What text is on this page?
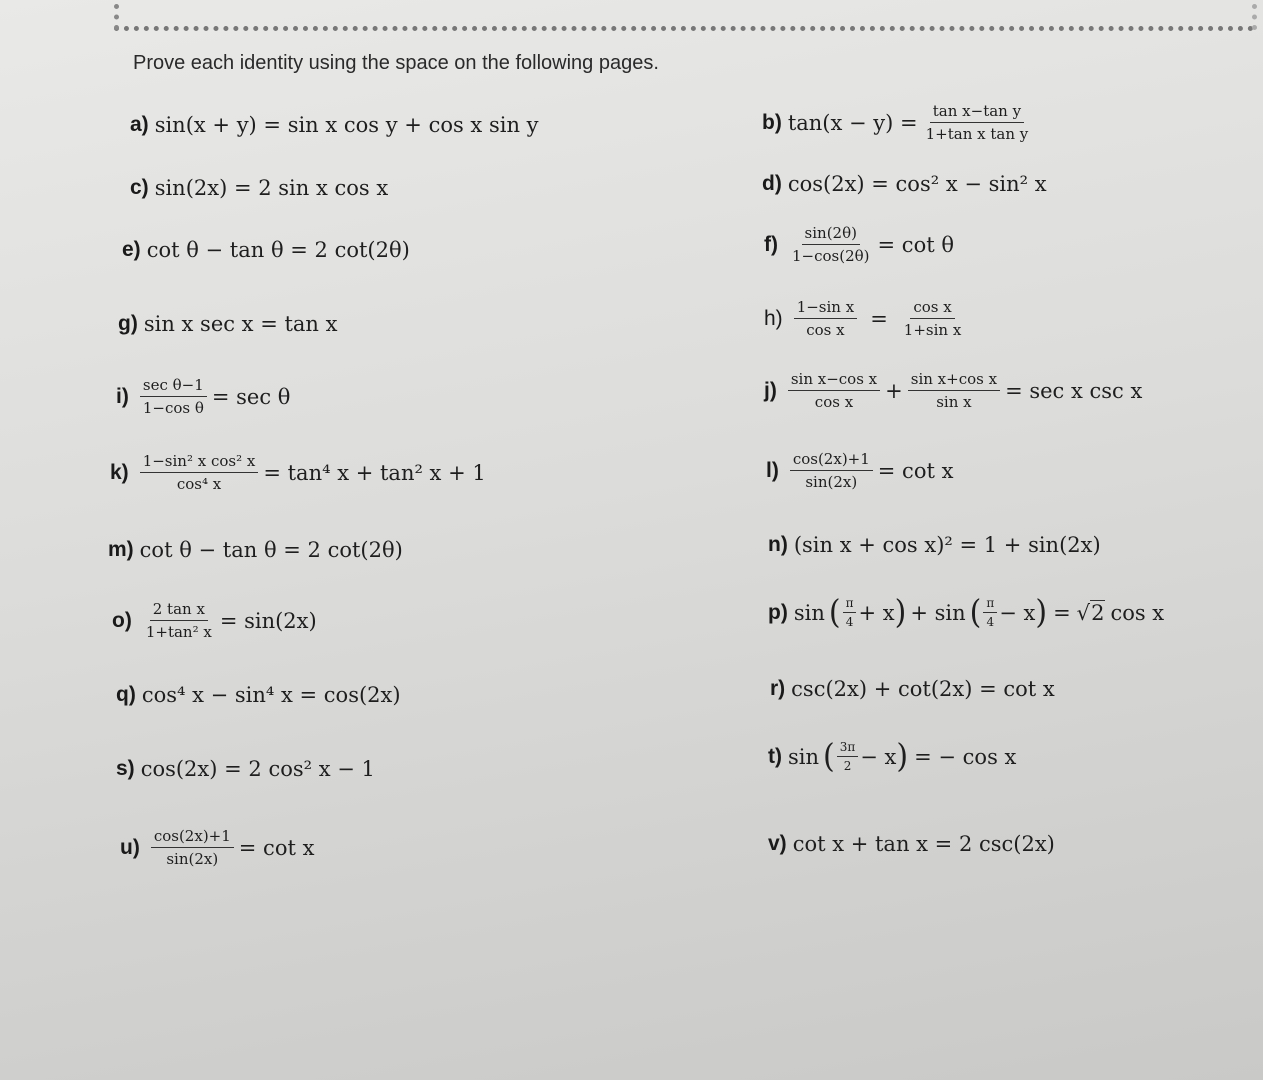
Prove each identity using the space on the following pages.
a) sin(x + y) = sin x cos y + cos x sin y	b) $\tan(x - y) = \frac{\text{tan x−tan y}}{\text{1+tan x tan y}}$
c) sin(2x) = 2 sin x cos x	d) cos(2x) = cos² x − sin² x
e) cot θ − tan θ = 2 cot(2θ)	$f) \frac{\sin(2\theta)}{1-\cos(2\theta)} = \cot \theta$
g) sin x sec x = tan x	$h) \frac{\text{1−sin x}}{\text{cos x}} = \frac{\text{cos x}}{\text{1+sin x}}$
$i) \frac{\text{sec θ−1}}{\text{1−cos θ}} = \sec \theta$	$j) \frac{\text{sin x−cos x}}{\text{cos x}} + \frac{\text{sin x+cos x}}{\text{sin x}} = \sec x$ csc x
$k) \frac{\text{1−sin² x cos² x}}{\text{cos⁴ x}} = \tan^4$ x + tan² x + 1	$l) \frac{\cos(2x)+1}{\sin(2x)} = \cot x$
m) cot θ − tan θ = 2 cot(2θ)	n) (sin x + cos x)² = 1 + sin(2x)
$o) \frac{\text{2 tan x}}{\text{1+tan² x}} = \sin(2x)$	p) sin ( $\frac{\pi}{4} + x$ ) + sin ( $\frac{\pi}{4} - x$ ) = √ 2 cos x
q) cos⁴ x − sin⁴ x = cos(2x)	r) csc(2x) + cot(2x) = cot x
s) cos(2x) = 2 cos² x − 1
t) sin ( $\frac{3\pi}{2} - x$ ) = − cos x
$u) \frac{\cos(2x)+1}{\sin(2x)} = \cot x$	v) cot x + tan x = 2 csc(2x)
